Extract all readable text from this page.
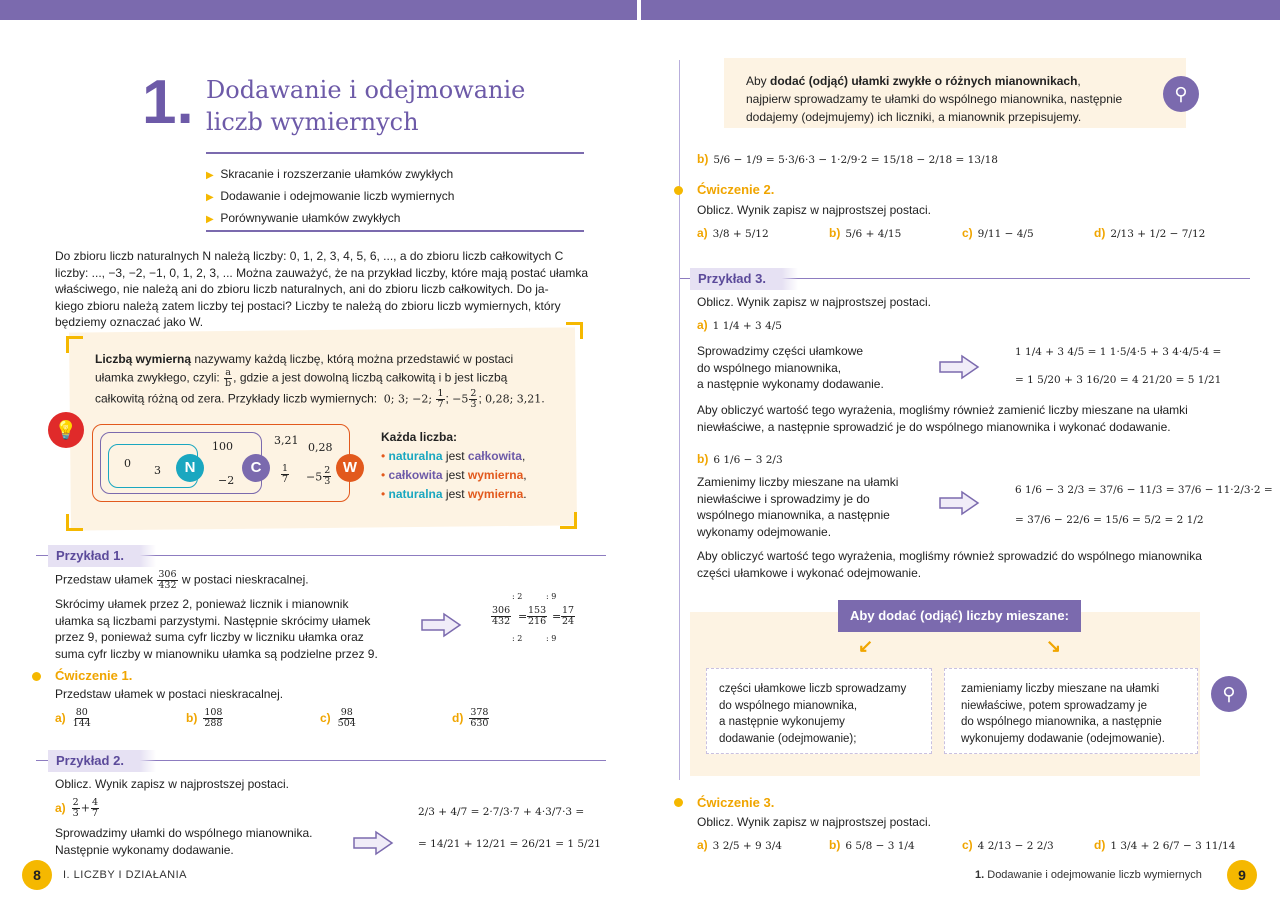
1. Dodawanie i odejmowanie
liczb wymiernych
▶ Skracanie i rozszerzanie ułamków zwykłych
▶ Dodawanie i odejmowanie liczb wymiernych
▶ Porównywanie ułamków zwykłych
Do zbioru liczb naturalnych N należą liczby: 0, 1, 2, 3, 4, 5, 6, ..., a do zbioru liczb całkowitych C
liczby: ..., −3, −2, −1, 0, 1, 2, 3, ... Można zauważyć, że na przykład liczby, które mają postać ułamka
właściwego, nie należą ani do zbioru liczb naturalnych, ani do zbioru liczb całkowitych. Do ja-
kiego zbioru należą zatem liczby tej postaci? Liczby te należą do zbioru liczb wymiernych, który
będziemy oznaczać jako W.
💡
Liczbą wymierną nazywamy każdą liczbę, którą można przedstawić w postaci
ułamka zwykłego, czyli: $\frac{a}{b}$ , gdzie a jest dowolną liczbą całkowitą i b jest liczbą
całkowitą różną od zera. Przykłady liczb wymiernych: 0; 3; −2; $\frac{1}{7}$ ; $-5 \frac{2}{3}$ ; 0,28; 3,21.
N	C	W
0
3
100
−2
3,21
0,28
$\frac{1}{7} -5 \frac{2}{3}$
Każda liczba:
• naturalna jest całkowita,
• całkowita jest wymierna,
• naturalna jest wymierna.
Przykład 1.
Przedstaw ułamek $\frac{306}{432}$ w postaci nieskracalnej.
Skrócimy ułamek przez 2, ponieważ licznik i mianownik
ułamka są liczbami parzystymi. Następnie skrócimy ułamek
przez 9, ponieważ suma cyfr liczby w liczniku ułamka oraz
suma cyfr liczby w mianowniku ułamka są podzielne przez 9.
: 2	: 9
$\frac{306}{432} = \frac{153}{216} = \frac{17}{24}$
: 2	: 9
Ćwiczenie 1.
Przedstaw ułamek w postaci nieskracalnej.
$a) \frac{80}{144}$	$b) \frac{108}{288}$	$c) \frac{98}{504}$	$d) \frac{378}{630}$
Przykład 2.
Oblicz. Wynik zapisz w najprostszej postaci.
$a) \frac{2}{3} + \frac{4}{7}$
Sprowadzimy ułamki do wspólnego mianownika.
Następnie wykonamy dodawanie.
2/3 + 4/7 = 2·7/3·7 + 4·3/7·3 =
= 14/21 + 12/21 = 26/21 = 1 5/21
8	I. LICZBY I DZIAŁANIA
Aby dodać (odjąć) ułamki zwykłe o różnych mianownikach,
najpierw sprowadzamy te ułamki do wspólnego mianownika, następnie
dodajemy (odejmujemy) ich liczniki, a mianownik przepisujemy.
⚲
b) 5/6 − 1/9 = 5·3/6·3 − 1·2/9·2 = 15/18 − 2/18 = 13/18
Ćwiczenie 2.
Oblicz. Wynik zapisz w najprostszej postaci.
a) 3/8 + 5/12	b) 5/6 + 4/15	c) 9/11 − 4/5	d) 2/13 + 1/2 − 7/12
Przykład 3.
Oblicz. Wynik zapisz w najprostszej postaci.
a) 1 1/4 + 3 4/5
Sprowadzimy części ułamkowe
do wspólnego mianownika,
a następnie wykonamy dodawanie.
1 1/4 + 3 4/5 = 1 1·5/4·5 + 3 4·4/5·4 =
= 1 5/20 + 3 16/20 = 4 21/20 = 5 1/21
Aby obliczyć wartość tego wyrażenia, mogliśmy również zamienić liczby mieszane na ułamki
niewłaściwe, a następnie sprowadzić je do wspólnego mianownika i wykonać dodawanie.
b) 6 1/6 − 3 2/3
Zamienimy liczby mieszane na ułamki
niewłaściwe i sprowadzimy je do
wspólnego mianownika, a następnie
wykonamy odejmowanie.
6 1/6 − 3 2/3 = 37/6 − 11/3 = 37/6 − 11·2/3·2 =
= 37/6 − 22/6 = 15/6 = 5/2 = 2 1/2
Aby obliczyć wartość tego wyrażenia, mogliśmy również sprowadzić do wspólnego mianownika
części ułamkowe i wykonać odejmowanie.
Aby dodać (odjąć) liczby mieszane:
↙	↘
części ułamkowe liczb sprowadzamy
do wspólnego mianownika,
a następnie wykonujemy
dodawanie (odejmowanie);
zamieniamy liczby mieszane na ułamki
niewłaściwe, potem sprowadzamy je
do wspólnego mianownika, a następnie
wykonujemy dodawanie (odejmowanie).
⚲
Ćwiczenie 3.
Oblicz. Wynik zapisz w najprostszej postaci.
a) 3 2/5 + 9 3/4	b) 6 5/8 − 3 1/4	c) 4 2/13 − 2 2/3	d) 1 3/4 + 2 6/7 − 3 11/14
1. Dodawanie i odejmowanie liczb wymiernych	9
